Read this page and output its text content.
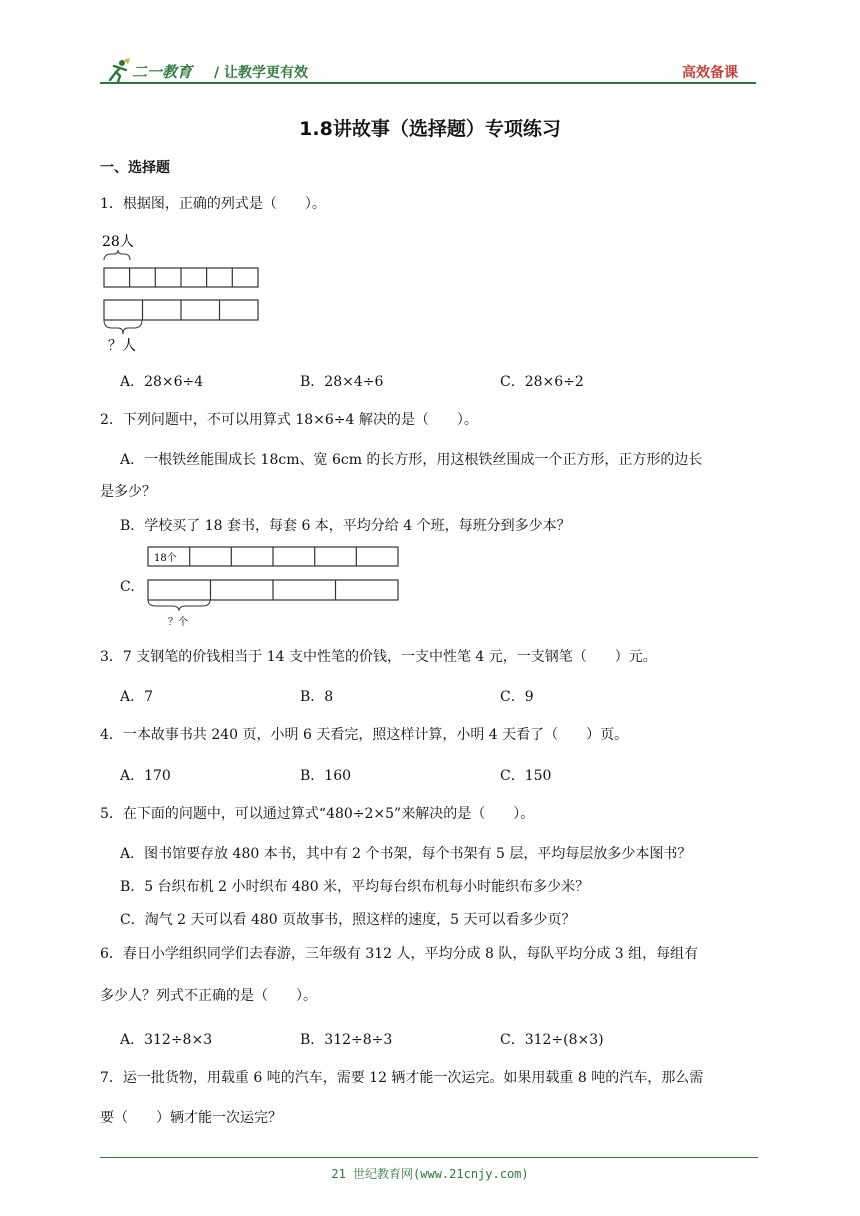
二一教育 / 让教学更有效	高效备课
1.8讲故事（选择题）专项练习
一、选择题
1．根据图，正确的列式是（　　）。
28人
？人
A．28×6÷4	B．28×4÷6	C．28×6÷2
2．下列问题中，不可以用算式 18×6÷4 解决的是（　　）。
A．一根铁丝能围成长 18cm、宽 6cm 的长方形，用这根铁丝围成一个正方形，正方形的边长
是多少？
B．学校买了 18 套书，每套 6 本，平均分给 4 个班，每班分到多少本？
C.
18个
？个
3．7 支钢笔的价钱相当于 14 支中性笔的价钱，一支中性笔 4 元，一支钢笔（　　）元。
A．7	B．8	C．9
4．一本故事书共 240 页，小明 6 天看完，照这样计算，小明 4 天看了（　　）页。
A．170	B．160	C．150
5．在下面的问题中，可以通过算式“480÷2×5”来解决的是（　　）。
A．图书馆要存放 480 本书，其中有 2 个书架，每个书架有 5 层，平均每层放多少本图书？
B．5 台织布机 2 小时织布 480 米，平均每台织布机每小时能织布多少米？
C．淘气 2 天可以看 480 页故事书，照这样的速度，5 天可以看多少页？
6．春日小学组织同学们去春游，三年级有 312 人，平均分成 8 队，每队平均分成 3 组，每组有
多少人？列式不正确的是（　　）。
A．312÷8×3	B．312÷8÷3	C．312÷(8×3)
7．运一批货物，用载重 6 吨的汽车，需要 12 辆才能一次运完。如果用载重 8 吨的汽车，那么需
要（　　）辆才能一次运完？
21 世纪教育网(www.21cnjy.com)
